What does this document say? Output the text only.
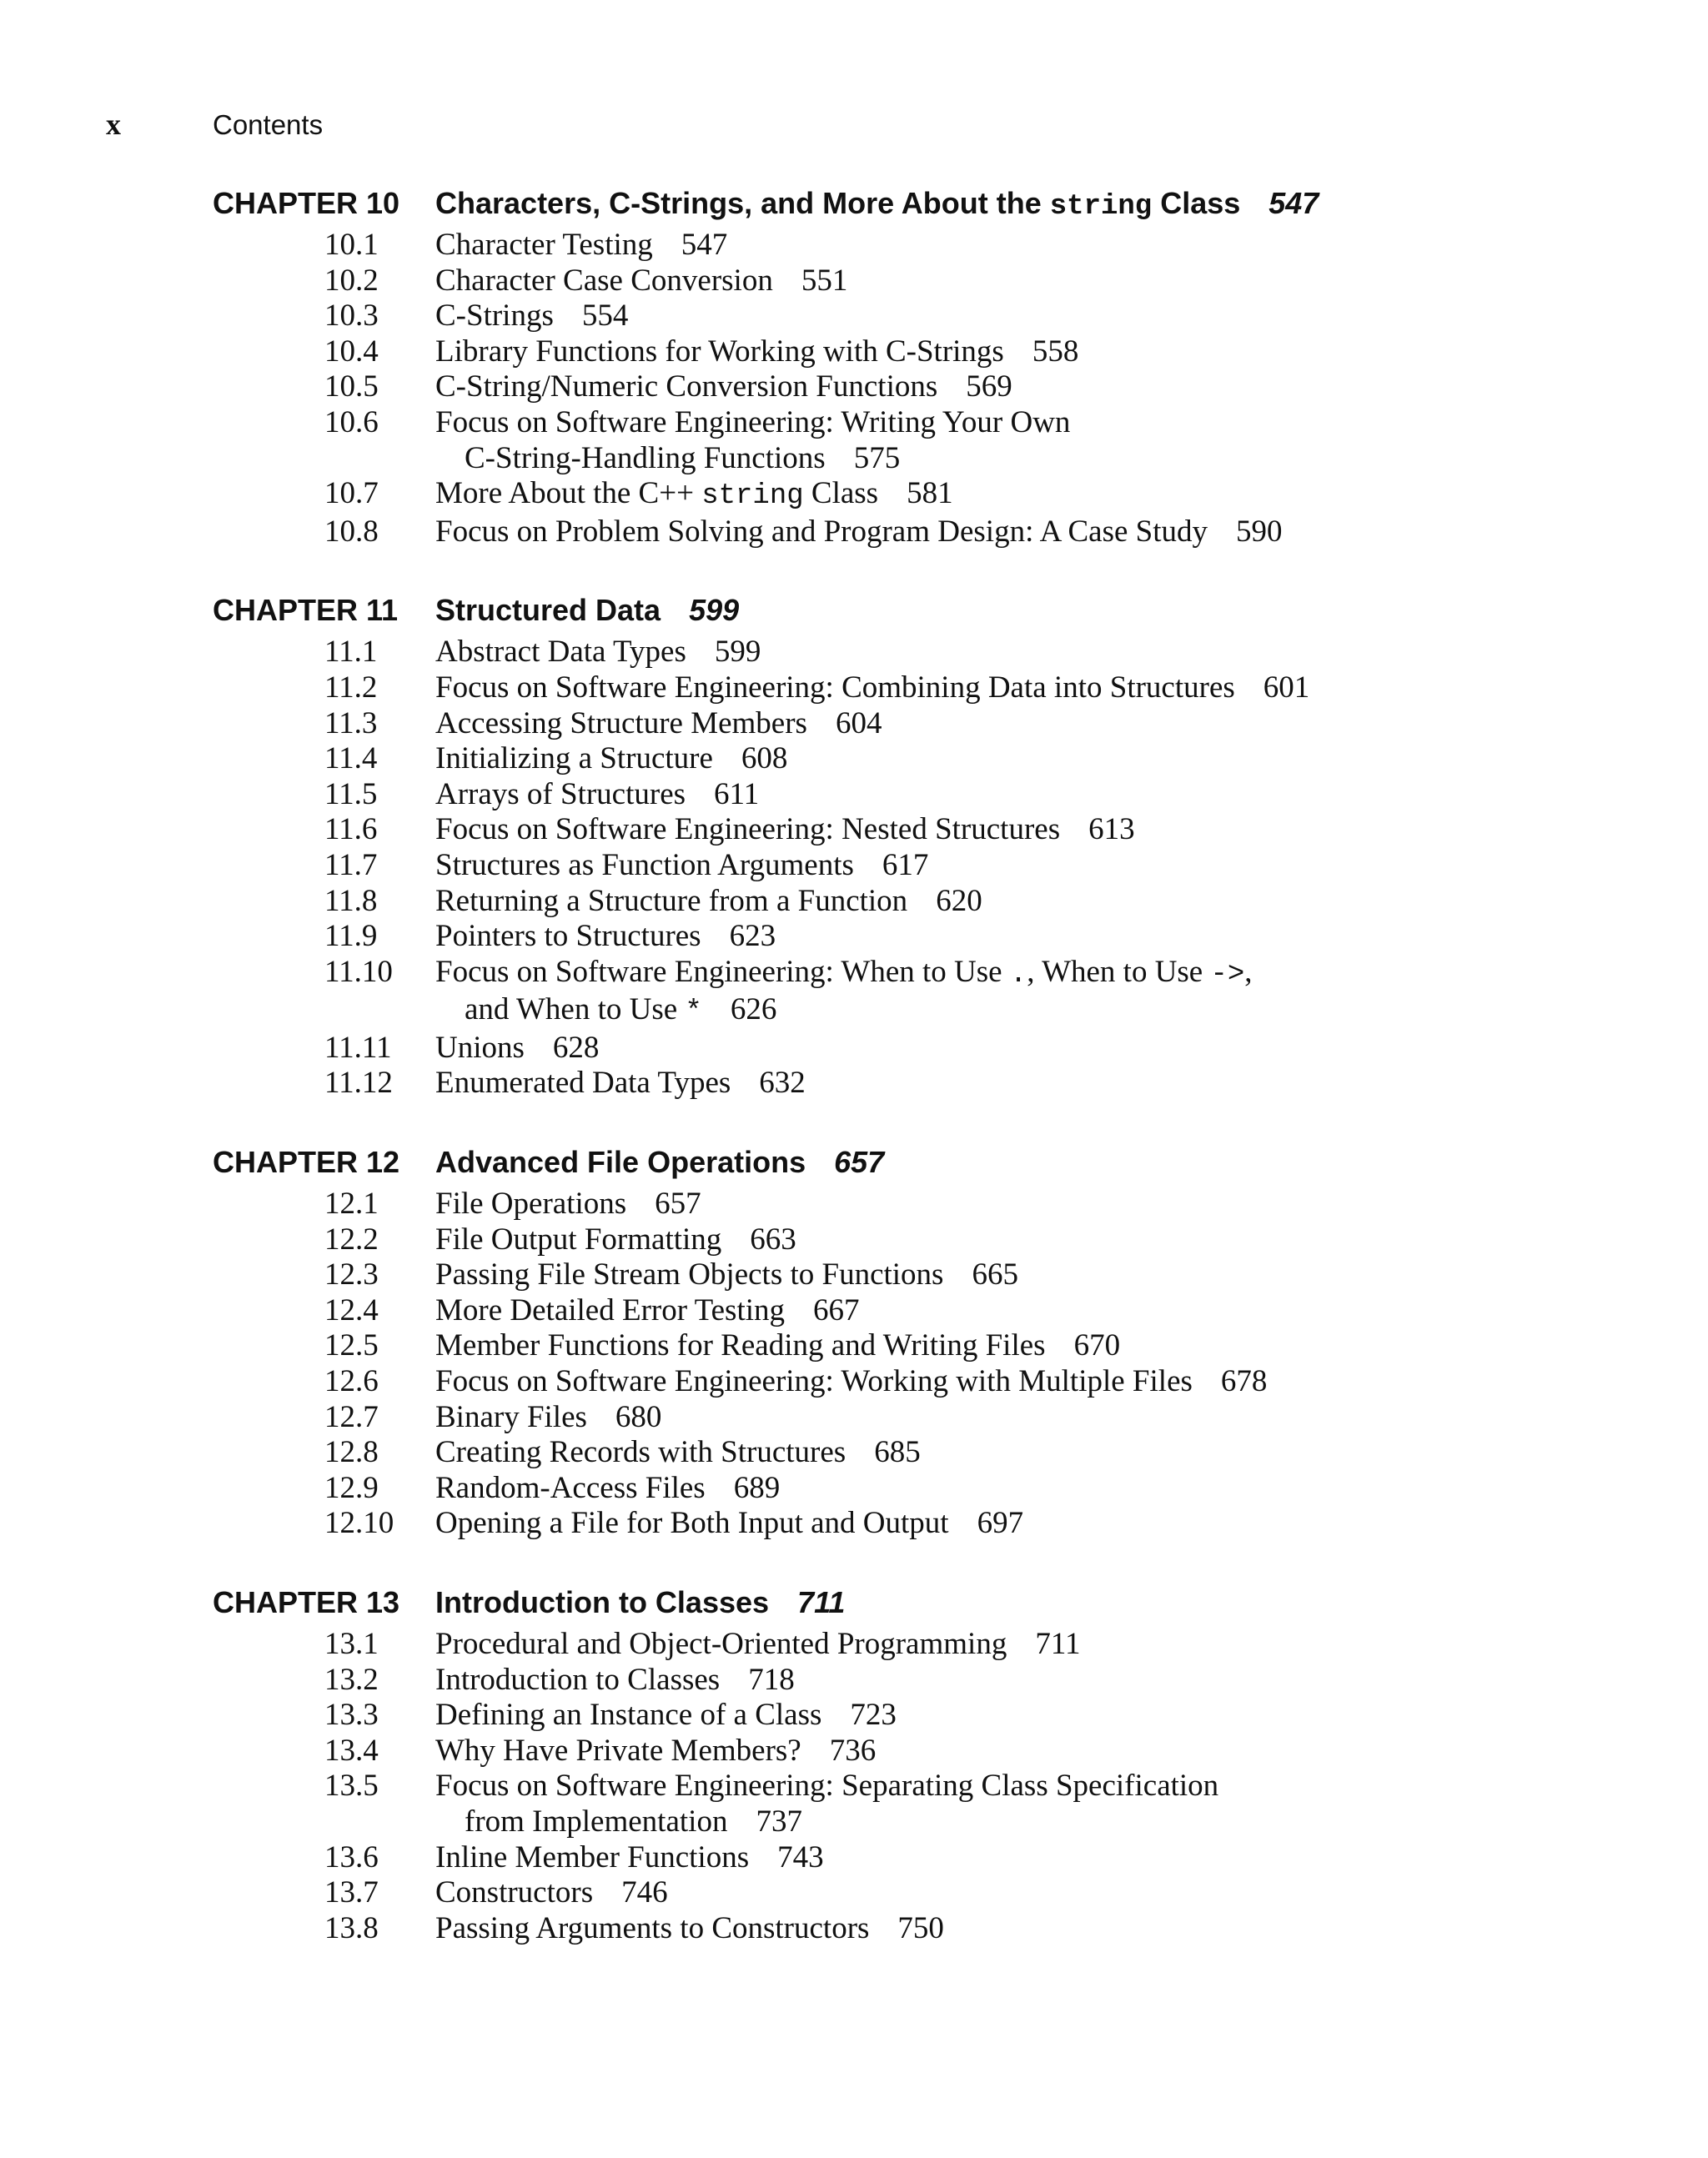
x	Contents
CHAPTER 10	Characters, C-Strings, and More About the string Class 547
10.1	Character Testing 547
10.2	Character Case Conversion 551
10.3	C-Strings 554
10.4	Library Functions for Working with C-Strings 558
10.5	C-String/Numeric Conversion Functions 569
10.6	Focus on Software Engineering: Writing Your Own
C-String-Handling Functions 575
10.7	More About the C++ string Class 581
10.8	Focus on Problem Solving and Program Design: A Case Study 590
CHAPTER 11	Structured Data 599
11.1	Abstract Data Types 599
11.2	Focus on Software Engineering: Combining Data into Structures 601
11.3	Accessing Structure Members 604
11.4	Initializing a Structure 608
11.5	Arrays of Structures 611
11.6	Focus on Software Engineering: Nested Structures 613
11.7	Structures as Function Arguments 617
11.8	Returning a Structure from a Function 620
11.9	Pointers to Structures 623
11.10	Focus on Software Engineering: When to Use ., When to Use ->,
and When to Use * 626
11.11	Unions 628
11.12	Enumerated Data Types 632
CHAPTER 12	Advanced File Operations 657
12.1	File Operations 657
12.2	File Output Formatting 663
12.3	Passing File Stream Objects to Functions 665
12.4	More Detailed Error Testing 667
12.5	Member Functions for Reading and Writing Files 670
12.6	Focus on Software Engineering: Working with Multiple Files 678
12.7	Binary Files 680
12.8	Creating Records with Structures 685
12.9	Random-Access Files 689
12.10	Opening a File for Both Input and Output 697
CHAPTER 13	Introduction to Classes 711
13.1	Procedural and Object-Oriented Programming 711
13.2	Introduction to Classes 718
13.3	Defining an Instance of a Class 723
13.4	Why Have Private Members? 736
13.5	Focus on Software Engineering: Separating Class Specification
from Implementation 737
13.6	Inline Member Functions 743
13.7	Constructors 746
13.8	Passing Arguments to Constructors 750
